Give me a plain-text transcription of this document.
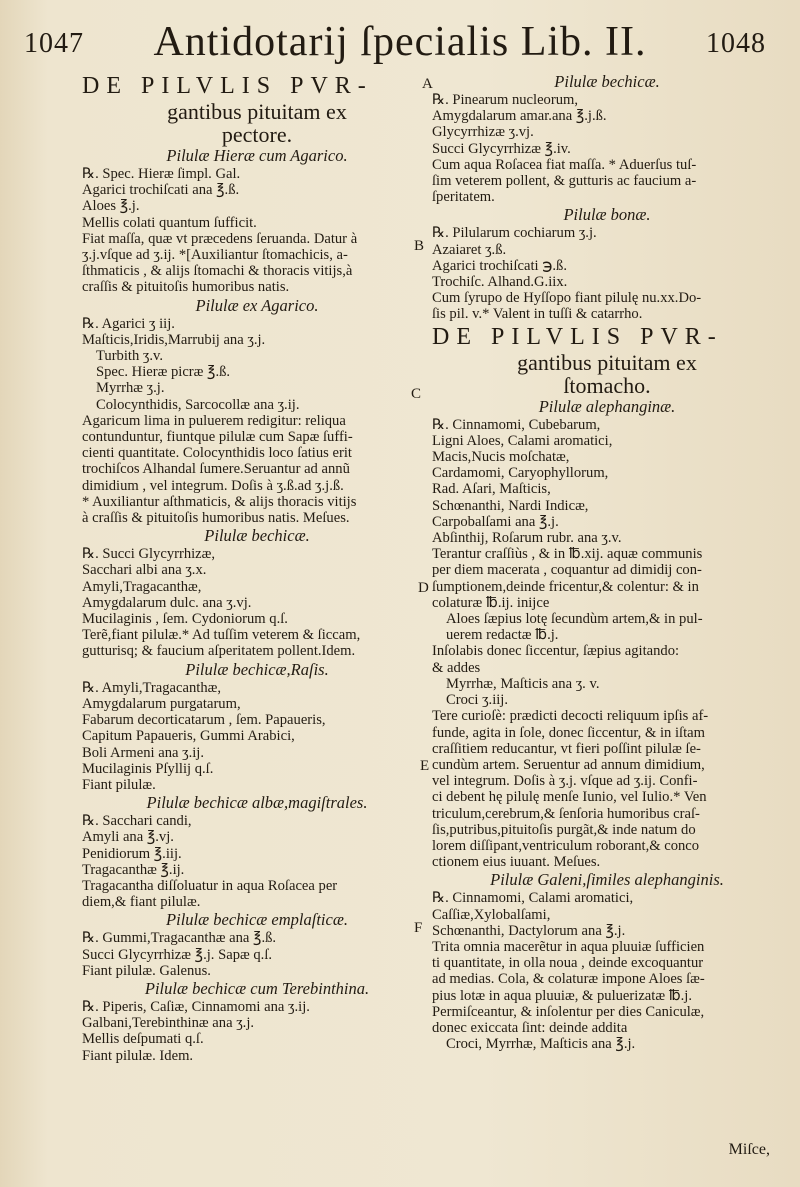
1047	Antidotarij ſpecialis Lib. II.	1048
DE PILVLIS PVR-
gantibus pituitam ex
pectore.
Pilulæ Hieræ cum Agarico.
℞. Spec. Hieræ ſimpl. Gal.
Agarici trochiſcati ana ℥.ß.
Aloes ℥.j.
Mellis colati quantum ſufficit.
Fiat maſſa, quæ vt præcedens ſeruanda. Datur à
ʒ.j.vſque ad ʒ.ij. *[Auxiliantur ſtomachicis, a-
ſthmaticis , & alijs ſtomachi & thoracis vitijs,à
craſſis & pituitoſis humoribus natis.
Pilulæ ex Agarico.
℞. Agarici ʒ iij.
Maſticis,Iridis,Marrubij ana ʒ.j.
Turbith ʒ.v.
Spec. Hieræ picræ ℥.ß.
Myrrhæ ʒ.j.
Colocynthidis, Sarcocollæ ana ʒ.ij.
Agaricum lima in puluerem redigitur: reliqua
contunduntur, fiuntque pilulæ cum Sapæ ſuffi-
cienti quantitate. Colocynthidis loco ſatius erit
trochiſcos Alhandal ſumere.Seruantur ad annũ
dimidium , vel integrum. Doſis à ʒ.ß.ad ʒ.j.ß.
* Auxiliantur aſthmaticis, & alijs thoracis vitijs
à craſſis & pituitoſis humoribus natis. Meſues.
Pilulæ bechicæ.
℞. Succi Glycyrrhizæ,
Sacchari albi ana ʒ.x.
Amyli,Tragacanthæ,
Amygdalarum dulc. ana ʒ.vj.
Mucilaginis , ſem. Cydoniorum q.ſ.
Terẽ,fiant pilulæ.* Ad tuſſim veterem & ſiccam,
gutturisq; & faucium aſperitatem pollent.Idem.
Pilulæ bechicæ,Raſis.
℞. Amyli,Tragacanthæ,
Amygdalarum purgatarum,
Fabarum decorticatarum , ſem. Papaueris,
Capitum Papaueris, Gummi Arabici,
Boli Armeni ana ʒ.ij.
Mucilaginis Pſyllij q.ſ.
Fiant pilulæ.
Pilulæ bechicæ albæ,magiſtrales.
℞. Sacchari candi,
Amyli ana ℥.vj.
Penidiorum ℥.iij.
Tragacanthæ ℥.ij.
Tragacantha diſſoluatur in aqua Roſacea per
diem,& fiant pilulæ.
Pilulæ bechicæ emplaſticæ.
℞. Gummi,Tragacanthæ ana ℥.ß.
Succi Glycyrrhizæ ℥.j. Sapæ q.ſ.
Fiant pilulæ. Galenus.
Pilulæ bechicæ cum Terebinthina.
℞. Piperis, Caſiæ, Cinnamomi ana ʒ.ij.
Galbani,Terebinthinæ ana ʒ.j.
Mellis deſpumati q.ſ.
Fiant pilulæ. Idem.
Pilulæ bechicæ.
℞. Pinearum nucleorum,
Amygdalarum amar.ana ℥.j.ß.
Glycyrrhizæ ʒ.vj.
Succi Glycyrrhizæ ℥.iv.
Cum aqua Roſacea fiat maſſa. * Aduerſus tuſ-
ſim veterem pollent, & gutturis ac faucium a-
ſperitatem.
Pilulæ bonæ.
℞. Pilularum cochiarum ʒ.j.
Azaiaret ʒ.ß.
Agarici trochiſcati ℈.ß.
Trochiſc. Alhand.G.iix.
Cum ſyrupo de Hyſſopo fiant pilulę nu.xx.Do-
ſis pil. v.* Valent in tuſſi & catarrho.
DE PILVLIS PVR-
gantibus pituitam ex
ſtomacho.
Pilulæ alephanginæ.
℞. Cinnamomi, Cubebarum,
Ligni Aloes, Calami aromatici,
Macis,Nucis moſchatæ,
Cardamomi, Caryophyllorum,
Rad. Aſari, Maſticis,
Schœnanthi, Nardi Indicæ,
Carpobalſami ana ℥.j.
Abſinthij, Roſarum rubr. ana ʒ.v.
Terantur craſſiùs , & in ℔.xij. aquæ communis
per diem macerata , coquantur ad dimidij con-
ſumptionem,deinde fricentur,& colentur: & in
colaturæ ℔.ij. inijce
Aloes ſæpius lotę ſecundùm artem,& in pul-
uerem redactæ ℔.j.
Inſolabis donec ſiccentur, ſæpius agitando:
& addes
Myrrhæ, Maſticis ana ʒ. v.
Croci ʒ.iij.
Tere curioſè: prædicti decocti reliquum ipſis af-
funde, agita in ſole, donec ſiccentur, & in iſtam
craſſitiem reducantur, vt fieri poſſint pilulæ ſe-
cundùm artem. Seruentur ad annum dimidium,
vel integrum. Doſis à ʒ.j. vſque ad ʒ.ij. Confi-
ci debent hę pilulę menſe Iunio, vel Iulio.* Ven
triculum,cerebrum,& ſenſoria humoribus craſ-
ſis,putribus,pituitoſis purgãt,& inde natum do
lorem diſſipant,ventriculum roborant,& conco
ctionem eius iuuant. Meſues.
Pilulæ Galeni,ſimiles alephanginis.
℞. Cinnamomi, Calami aromatici,
Caſſiæ,Xylobalſami,
Schœnanthi, Dactylorum ana ℥.j.
Trita omnia macerẽtur in aqua pluuiæ ſufficien
ti quantitate, in olla noua , deinde excoquantur
ad medias. Cola, & colaturæ impone Aloes ſæ-
pius lotæ in aqua pluuiæ, & puluerizatæ ℔.j.
Permiſceantur, & inſolentur per dies Caniculæ,
donec exiccata ſint: deinde addita
Croci, Myrrhæ, Maſticis ana ℥.j.
A
B
C
D
E
F
Miſce,
